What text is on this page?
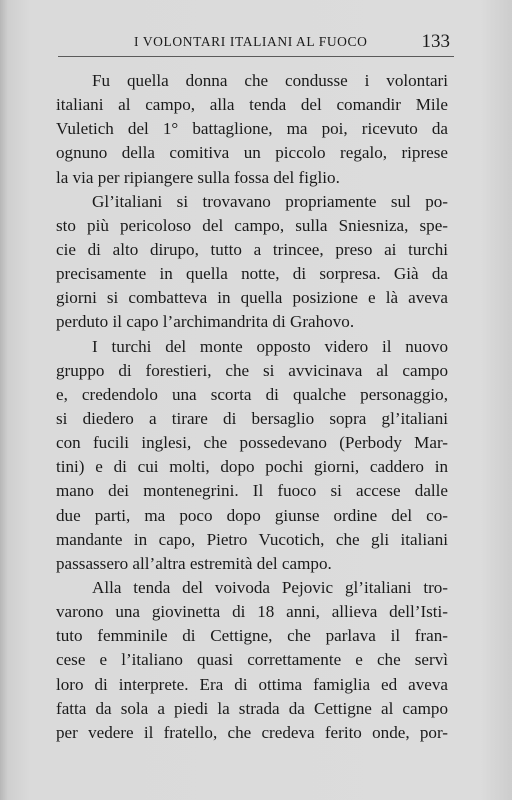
I VOLONTARI ITALIANI AL FUOCO	133
Fu quella donna che condusse i volontari
italiani al campo, alla tenda del comandir Mile
Vuletich del 1° battaglione, ma poi, ricevuto da
ognuno della comitiva un piccolo regalo, riprese
la via per ripiangere sulla fossa del figlio.
Gl’italiani si trovavano propriamente sul po-
sto più pericoloso del campo, sulla Sniesniza, spe-
cie di alto dirupo, tutto a trincee, preso ai turchi
precisamente in quella notte, di sorpresa. Già da
giorni si combatteva in quella posizione e là aveva
perduto il capo l’archimandrita di Grahovo.
I turchi del monte opposto videro il nuovo
gruppo di forestieri, che si avvicinava al campo
e, credendolo una scorta di qualche personaggio,
si diedero a tirare di bersaglio sopra gl’italiani
con fucili inglesi, che possedevano (Perbody Mar-
tini) e di cui molti, dopo pochi giorni, caddero in
mano dei montenegrini. Il fuoco si accese dalle
due parti, ma poco dopo giunse ordine del co-
mandante in capo, Pietro Vucotich, che gli italiani
passassero all’altra estremità del campo.
Alla tenda del voivoda Pejovic gl’italiani tro-
varono una giovinetta di 18 anni, allieva dell’Isti-
tuto femminile di Cettigne, che parlava il fran-
cese e l’italiano quasi correttamente e che servì
loro di interprete. Era di ottima famiglia ed aveva
fatta da sola a piedi la strada da Cettigne al campo
per vedere il fratello, che credeva ferito onde, por-
